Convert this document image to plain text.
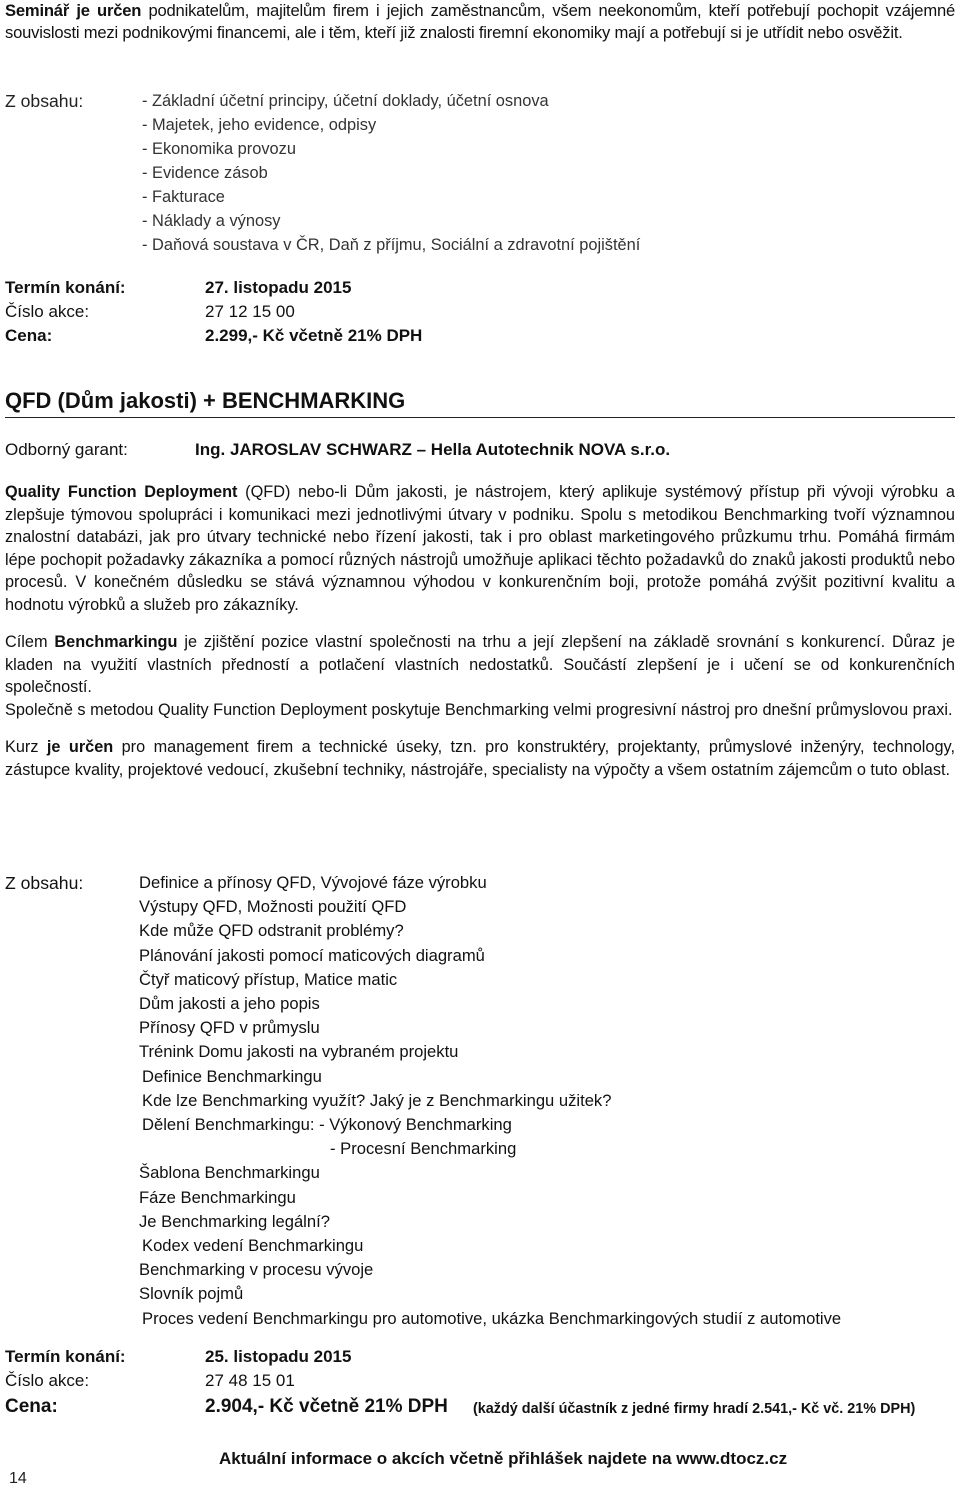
Seminář je určen podnikatelům, majitelům firem i jejich zaměstnancům, všem neekonomům, kteří potřebují pochopit vzájemné souvislosti mezi podnikovými financemi, ale i těm, kteří již znalosti firemní ekonomiky mají a potřebují si je utřídit nebo osvěžit.

Z obsahu:	- Základní účetní principy, účetní doklady, účetní osnova
- Majetek, jeho evidence, odpisy
- Ekonomika provozu
- Evidence zásob
- Fakturace
- Náklady a výnosy
- Daňová soustava v ČR, Daň z příjmu, Sociální a zdravotní pojištění
Termín konání:	27. listopadu 2015
Číslo akce:	27 12 15 00
Cena:	2.299,- Kč včetně 21% DPH
QFD (Dům jakosti) + BENCHMARKING
Odborný garant:	Ing. JAROSLAV SCHWARZ – Hella Autotechnik NOVA s.r.o.

Quality Function Deployment (QFD) nebo-li Dům jakosti, je nástrojem, který aplikuje systémový přístup při vývoji výrobku a zlepšuje týmovou spolupráci i komunikaci mezi jednotlivými útvary v podniku. Spolu s metodikou Benchmarking tvoří významnou znalostní databázi, jak pro útvary technické nebo řízení jakosti, tak i pro oblast marketingového průzkumu trhu. Pomáhá firmám lépe pochopit požadavky zákazníka a pomocí různých nástrojů umožňuje aplikaci těchto požadavků do znaků jakosti produktů nebo procesů. V konečném důsledku se stává významnou výhodou v konkurenčním boji, protože pomáhá zvýšit pozitivní kvalitu a hodnotu výrobků a služeb pro zákazníky.

Cílem Benchmarkingu je zjištění pozice vlastní společnosti na trhu a její zlepšení na základě srovnání s konkurencí. Důraz je kladen na využití vlastních předností a potlačení vlastních nedostatků. Součástí zlepšení je i učení se od konkurenčních společností.

Společně s metodou Quality Function Deployment poskytuje Benchmarking velmi progresivní nástroj pro dnešní průmyslovou praxi.

Kurz je určen pro management firem a technické úseky, tzn. pro konstruktéry, projektanty, průmyslové inženýry, technology, zástupce kvality, projektové vedoucí, zkušební techniky, nástrojáře, specialisty na výpočty a všem ostatním zájemcům o tuto oblast.

Z obsahu:	Definice a přínosy QFD, Vývojové fáze výrobku
Výstupy QFD, Možnosti použití QFD
Kde může QFD odstranit problémy?
Plánování jakosti pomocí maticových diagramů
Čtyř maticový přístup, Matice matic
Dům jakosti a jeho popis
Přínosy QFD v průmyslu
Trénink Domu jakosti na vybraném projektu
Definice Benchmarkingu
Kde lze Benchmarking využít? Jaký je z Benchmarkingu užitek?
Dělení Benchmarkingu: - Výkonový Benchmarking
- Procesní Benchmarking
Šablona Benchmarkingu
Fáze Benchmarkingu
Je Benchmarking legální?
Kodex vedení Benchmarkingu
Benchmarking v procesu vývoje
Slovník pojmů
Proces vedení Benchmarkingu pro automotive, ukázka Benchmarkingových studií z automotive
Termín konání:	25. listopadu 2015
Číslo akce:	27 48 15 01
Cena:	2.904,- Kč včetně 21% DPH (každý další účastník z jedné firmy hradí 2.541,- Kč vč. 21% DPH)
Aktuální informace o akcích včetně přihlášek najdete na www.dtocz.cz
14
